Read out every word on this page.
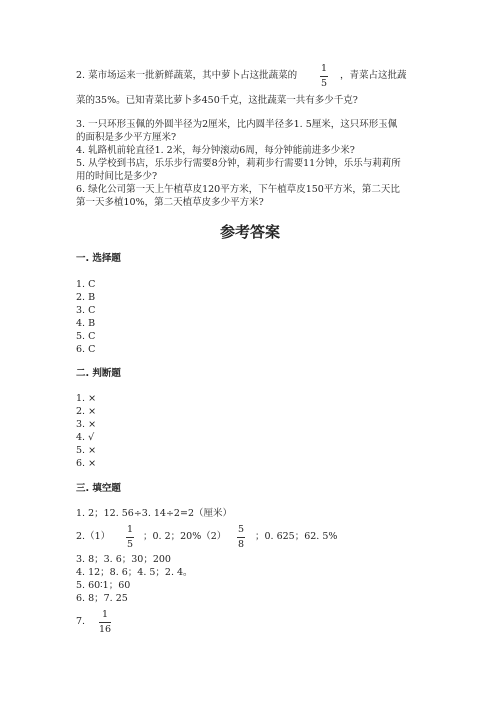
2. 菜市场运来一批新鲜蔬菜，其中萝卜占这批蔬菜的
1
5
，青菜占这批蔬
菜的35%。已知青菜比萝卜多450千克，这批蔬菜一共有多少千克?
3. 一只环形玉佩的外圆半径为2厘米，比内圆半径多1. 5厘米，这只环形玉佩
的面积是多少平方厘米?
4. 轧路机前轮直径1. 2米，每分钟滚动6周，每分钟能前进多少米?
5. 从学校到书店，乐乐步行需要8分钟，莉莉步行需要11分钟，乐乐与莉莉所
用的时间比是多少?
6. 绿化公司第一天上午植草皮120平方米，下午植草皮150平方米，第二天比
第一天多植10%，第二天植草皮多少平方米?
参考答案
一. 选择题
1. C
2. B
3. C
4. B
5. C
6. C
二. 判断题
1. ×
2. ×
3. ×
4. √
5. ×
6. ×
三. 填空题
1. 2；12. 56÷3. 14÷2=2（厘米）
2.（1）
1
5
；0. 2；20%（2）
5
8
；0. 625；62. 5%
3. 8；3. 6；30；200
4. 12；8. 6；4. 5；2. 4。
5. 60∶1；60
6. 8；7. 25
7.
1
16
